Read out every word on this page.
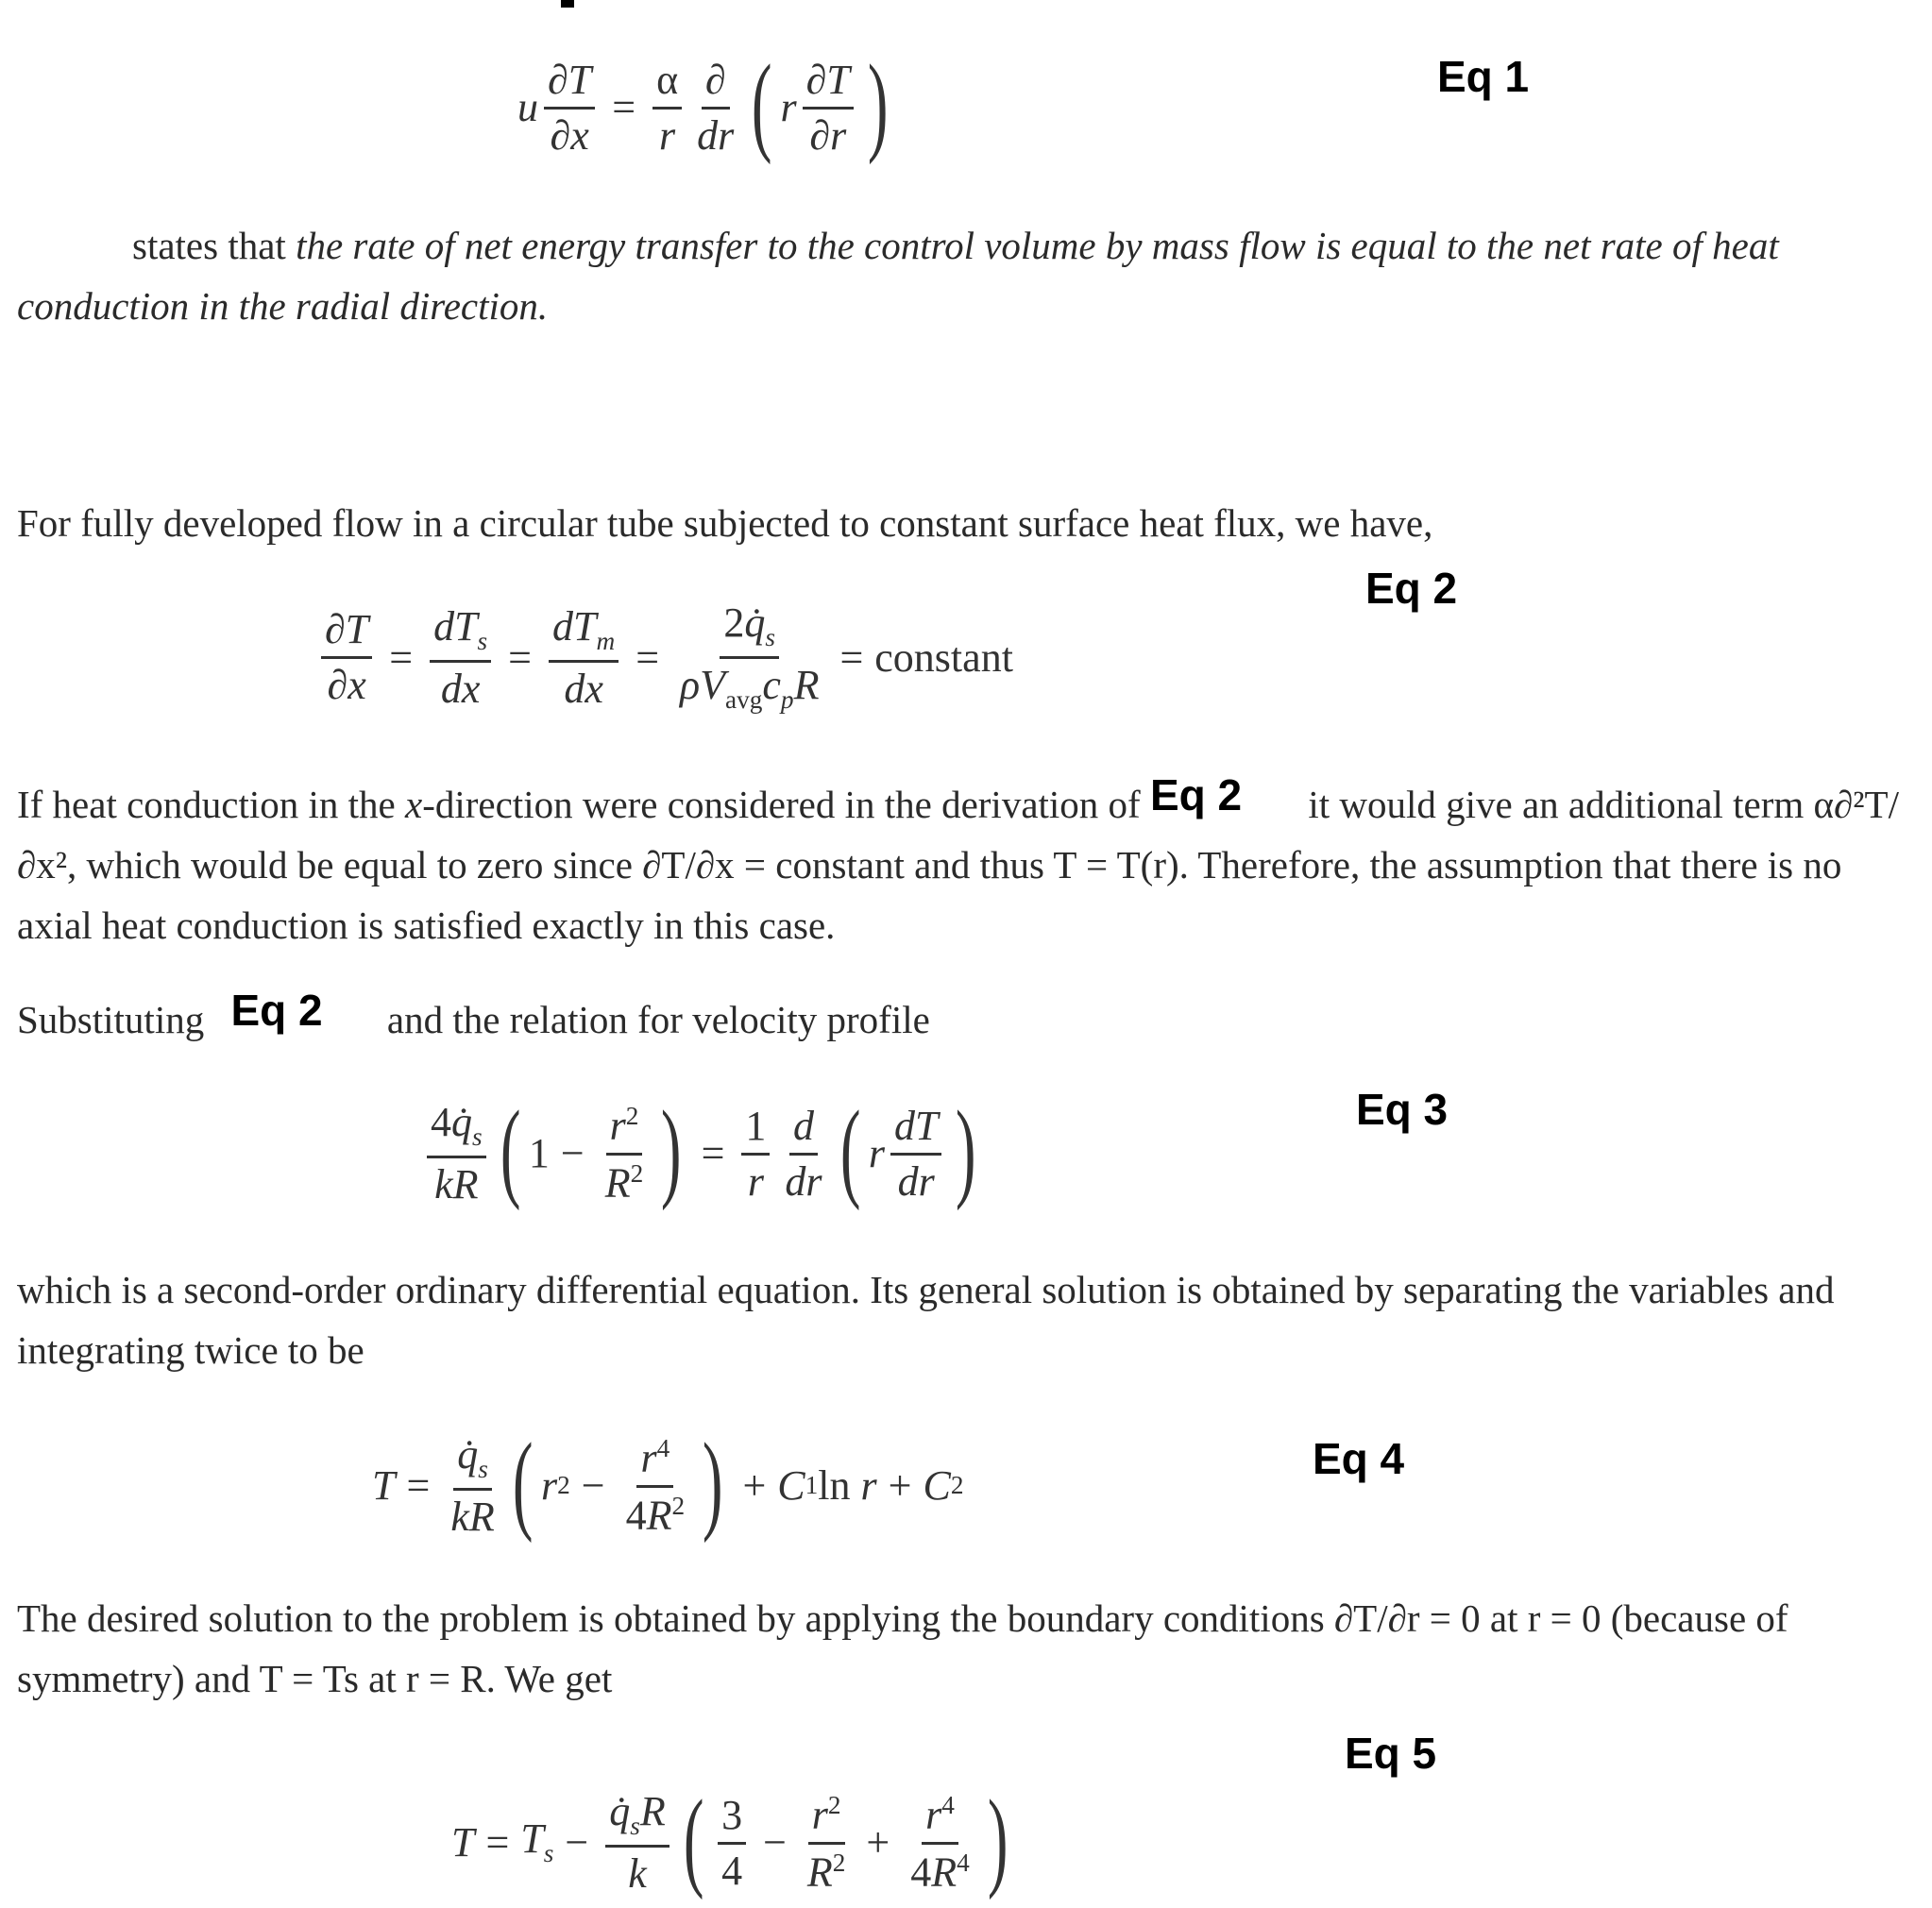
u $\frac{\partial T}{\partial x} = \frac{\alpha}{r} \frac{\partial}{dr}$ ( r $\frac{\partial T}{\partial r}$ )	Eq 1

states that the rate of net energy transfer to the control volume by mass flow is equal to the net rate of heat conduction in the radial direction.

For fully developed flow in a circular tube subjected to constant surface heat flux, we have,

Eq 2
$\frac{\partial T}{\partial x} = \frac{dT_s}{dx} = \frac{dT_m}{dx} = \frac{2q̇_s}{\rho V_{avg}c_pR}$ = constant

If heat conduction in the x-direction were considered in the derivation of Eq 2 it would give an additional term α∂²T/∂x², which would be equal to zero since ∂T/∂x = constant and thus T = T(r). Therefore, the assumption that there is no axial heat conduction is satisfied exactly in this case.

Substituting Eq 2 and the relation for velocity profile

Eq 3
$\frac{4q̇_s}{kR}$ ( $1 - \frac{r^2}{R^2}$ ) = $\frac{1}{r} \frac{d}{dr}$ ( r $\frac{dT}{dr}$ )

which is a second-order ordinary differential equation. Its general solution is obtained by separating the variables and integrating twice to be

Eq 4
$T = \frac{q̇_s}{kR}$ ( r $2 - \frac{r^4}{4R^2}$ ) + C 1 ln r + C 2

The desired solution to the problem is obtained by applying the boundary conditions ∂T/∂r = 0 at r = 0 (because of symmetry) and T = Ts at r = R. We get

Eq 5
$T = T_s - \frac{q̇_sR}{k}$ ( $\frac{3}{4} - \frac{r^2}{R^2} + \frac{r^4}{4R^4}$ )
